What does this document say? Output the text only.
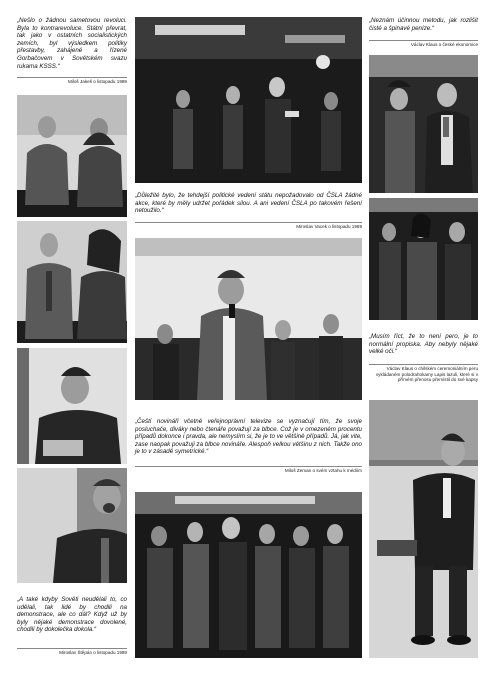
„Nešlo o žádnou sametovou revoluci. Byla to kontrarevoluce. Státní převrat, tak jako v ostatních socialistických zemích, byl výsledkem politiky přestavby, zahájené a řízené Gorbačovem v Sovětském svazu rukama KSSS.“
Miloš Jakeš o listopadu 1989
„Neznám účinnou metodu, jak rozlišit čisté a špinavé peníze.“
Václav Klaus o české ekonomice
„Důležité bylo, že tehdejší politické vedení státu nepožadovalo od ČSLA žádné akce, které by měly udržet pořádek silou. A ani vedení ČSLA po takovém řešení netoužilo.“
Miroslav Vacek o listopadu 1989
„Musím říct, že to není pero, je to normální propiska. Aby nebyly nějaké velké oči.“
Václav Klaus o chilském ceremoniálním peru vykládaném polodrahokamy Lapis lazuli, které si v přímém přenosu přemístil do své kapsy
„Čeští novináři včetně veřejnoprávní televize se vyznačují tím, že svoje posluchače, diváky nebo čtenáře považují za blbce. Což je v omezeném procentu případů dokonce i pravda, ale nemyslím si, že je to ve většině případů. Já, jak vite, zase naopak považuji za blbce novináře. Alespoň velkou většinu z nich. Takže ono je to v zásadě symetrické.“
Miloš Zeman o svém vztahu k médiím
„A také kdyby Sověti neudělali to, co udělali, tak lidé by chodili na demonstrace, ale co dál? Když už by byly nějaké demonstrace dovolené, chodili by dokolečka dokola.“
Miroslav Štěpán o listopadu 1989
